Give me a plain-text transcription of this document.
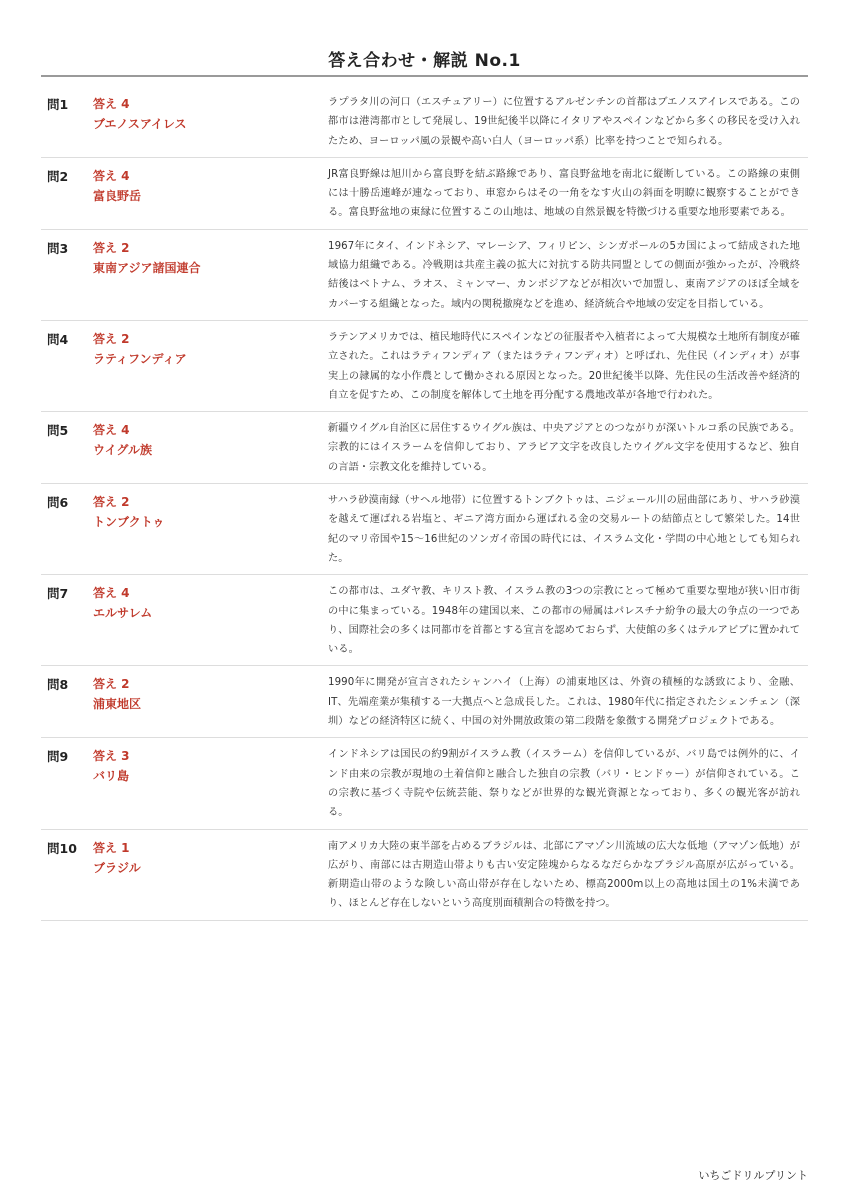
答え合わせ・解説 No.1
問1 答え 4
ブエノスアイレス

ラプラタ川の河口（エスチュアリー）に位置するアルゼンチンの首都はブエノスアイレスである。この都市は港湾都市として発展し、19世紀後半以降にイタリアやスペインなどから多くの移民を受け入れたため、ヨーロッパ風の景観や高い白人（ヨーロッパ系）比率を持つことで知られる。

問2 答え 4
富良野岳

JR富良野線は旭川から富良野を結ぶ路線であり、富良野盆地を南北に縦断している。この路線の東側には十勝岳連峰が連なっており、車窓からはその一角をなす火山の斜面を明瞭に観察することができる。富良野盆地の東縁に位置するこの山地は、地域の自然景観を特徴づける重要な地形要素である。

問3 答え 2
東南アジア諸国連合

1967年にタイ、インドネシア、マレーシア、フィリピン、シンガポールの5カ国によって結成された地域協力組織である。冷戦期は共産主義の拡大に対抗する防共同盟としての側面が強かったが、冷戦終結後はベトナム、ラオス、ミャンマー、カンボジアなどが相次いで加盟し、東南アジアのほぼ全域をカバーする組織となった。域内の関税撤廃などを進め、経済統合や地域の安定を目指している。

問4 答え 2
ラティフンディア

ラテンアメリカでは、植民地時代にスペインなどの征服者や入植者によって大規模な土地所有制度が確立された。これはラティフンディア（またはラティフンディオ）と呼ばれ、先住民（インディオ）が事実上の隷属的な小作農として働かされる原因となった。20世紀後半以降、先住民の生活改善や経済的自立を促すため、この制度を解体して土地を再分配する農地改革が各地で行われた。

問5 答え 4
ウイグル族

新疆ウイグル自治区に居住するウイグル族は、中央アジアとのつながりが深いトルコ系の民族である。宗教的にはイスラームを信仰しており、アラビア文字を改良したウイグル文字を使用するなど、独自の言語・宗教文化を維持している。

問6 答え 2
トンブクトゥ

サハラ砂漠南縁（サヘル地帯）に位置するトンブクトゥは、ニジェール川の屈曲部にあり、サハラ砂漠を越えて運ばれる岩塩と、ギニア湾方面から運ばれる金の交易ルートの結節点として繁栄した。14世紀のマリ帝国や15〜16世紀のソンガイ帝国の時代には、イスラム文化・学問の中心地としても知られた。

問7 答え 4
エルサレム

この都市は、ユダヤ教、キリスト教、イスラム教の3つの宗教にとって極めて重要な聖地が狭い旧市街の中に集まっている。1948年の建国以来、この都市の帰属はパレスチナ紛争の最大の争点の一つであり、国際社会の多くは同都市を首都とする宣言を認めておらず、大使館の多くはテルアビブに置かれている。

問8 答え 2
浦東地区

1990年に開発が宣言されたシャンハイ（上海）の浦東地区は、外資の積極的な誘致により、金融、IT、先端産業が集積する一大拠点へと急成長した。これは、1980年代に指定されたシェンチェン（深圳）などの経済特区に続く、中国の対外開放政策の第二段階を象徴する開発プロジェクトである。

問9 答え 3
バリ島

インドネシアは国民の約9割がイスラム教（イスラーム）を信仰しているが、バリ島では例外的に、インド由来の宗教が現地の土着信仰と融合した独自の宗教（バリ・ヒンドゥー）が信仰されている。この宗教に基づく寺院や伝統芸能、祭りなどが世界的な観光資源となっており、多くの観光客が訪れる。

問10 答え 1
ブラジル

南アメリカ大陸の東半部を占めるブラジルは、北部にアマゾン川流域の広大な低地（アマゾン低地）が広がり、南部には古期造山帯よりも古い安定陸塊からなるなだらかなブラジル高原が広がっている。新期造山帯のような険しい高山帯が存在しないため、標高2000m以上の高地は国土の1%未満であり、ほとんど存在しないという高度別面積割合の特徴を持つ。

いちごドリルプリント
